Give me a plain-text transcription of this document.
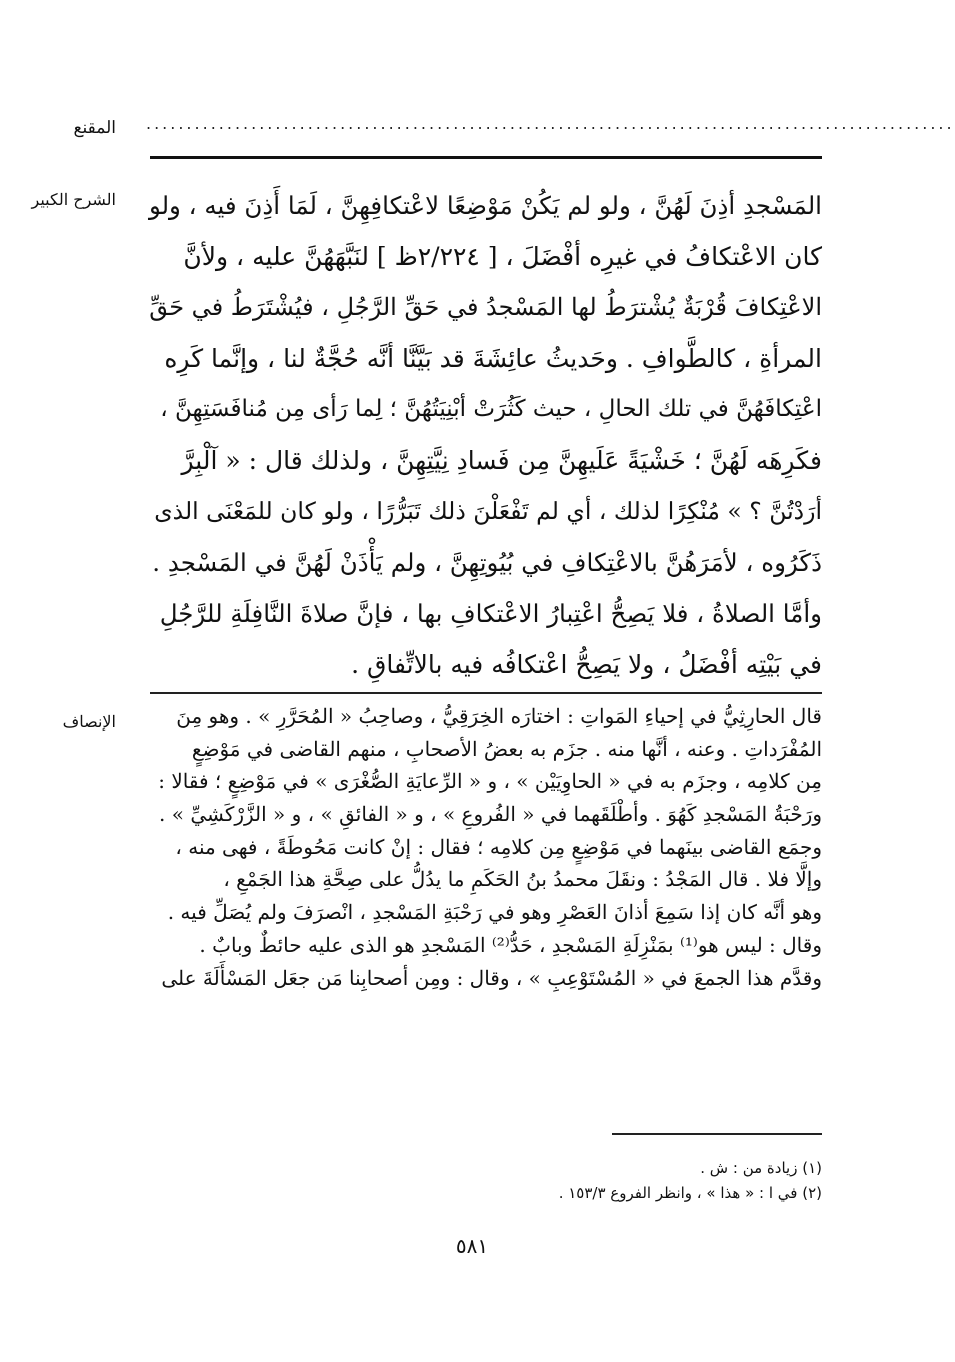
المقنع ....................................................................................................
الشرح الكبير المَسْجدِ أذِنَ لَهُنَّ ، ولو لم يَكُنْ مَوْضِعًا لاعْتكافِهِنَّ ، لَمَا أَذِنَ فيه ، ولو
كان الاعْتكافُ في غيرِه أفْضَلَ ، [ ٢/٢٢٤ظ ] لنَبَّهَهُنَّ عليه ، ولأنَّ
الاعْتِكافَ قُرْبَةٌ يُشْترَطُ لها المَسْجدُ في حَقِّ الرَّجُلِ ، فيُشْتَرَطُ في حَقِّ
المرأةِ ، كالطَّوافِ . وحَديثُ عائِشَةَ قد بَيَّنَّا أنَّه حُجَّةٌ لنا ، وإنَّما كَرِه
اعْتِكافَهُنَّ في تلك الحالِ ، حيث كَثُرَتْ أبْنِيَتُهُنَّ ؛ لِما رَأى مِن مُنافَسَتِهِنَّ ،
فكَرِهَه لَهُنَّ ؛ خَشْيَةً عَلَيهِنَّ مِن فَسادِ نِيَّتِهِنَّ ، ولذلك قال : « آلْبِرَّ
أرَدْتُنَّ ؟ » مُنْكِرًا لذلك ، أي لم تَفْعَلْنَ ذلك تَبَرُّرًا ، ولو كان للمَعْنَى الذى
ذَكَرُوه ، لأمَرَهُنَّ بالاعْتِكافِ في بُيُوتِهِنَّ ، ولم يَأْذَنْ لَهُنَّ في المَسْجدِ .
وأمَّا الصلاةُ ، فلا يَصِحُّ اعْتِبارُ الاعْتكافِ بها ، فإنَّ صلاةَ النَّافِلَةِ للرَّجُلِ
في بَيْتِه أفْضَلُ ، ولا يَصِحُّ اعْتكافُه فيه بالاتِّفاقِ .
الإنصاف	قال الحارِثِيُّ في إحياءِ المَواتِ : اختارَه الخِرَقِيُّ ، وصاحِبُ « المُحَرَّرِ » . وهو مِنَ
المُفْرَداتِ . وعنه ، أنَّها منه . جزَم به بعضُ الأصحابِ ، منهم القاضى في مَوْضِعٍ
مِن كلامِه ، وجزَم به في « الحاوِيَيْن » ، و « الرِّعايَةِ الصُّغْرَى » في مَوْضِعٍ ؛ فقالا :
ورَحْبَةُ المَسْجدِ كَهُوَ . وأطْلَقَهما في « الفُروعِ » ، و « الفائقِ » ، و « الزَّرْكَشِيِّ » .
وجمَع القاضى بينَهما في مَوْضِعٍ مِن كلامِه ؛ فقال : إنْ كانت مَحُوطَةً ، فهى منه ،
وإلَّا فلا . قال المَجْدُ : ونقَلَ محمدُ بنُ الحَكَمِ ما يدُلُّ على صِحَّةِ هذا الجَمْعِ ،
وهو أنَّه كان إذا سَمِعَ أذانَ العَصْرِ وهو في رَحْبَةِ المَسْجدِ ، انْصرَفَ ولم يُصَلِّ فيه .
وقال : ليس هو⁽¹⁾ بمَنْزِلَةِ المَسْجدِ ، حَدُّ⁽²⁾ المَسْجدِ هو الذى عليه حائطٌ وبابٌ .
وقدَّم هذا الجمعَ في « المُسْتَوْعِبِ » ، وقال : ومِن أصحابِنا مَن جعَل المَسْأَلَةَ على
(١) زيادة من : ش .
(٢) في ا : « هذا » ، وانظر الفروع ١٥٣/٣ .
٥٨١
